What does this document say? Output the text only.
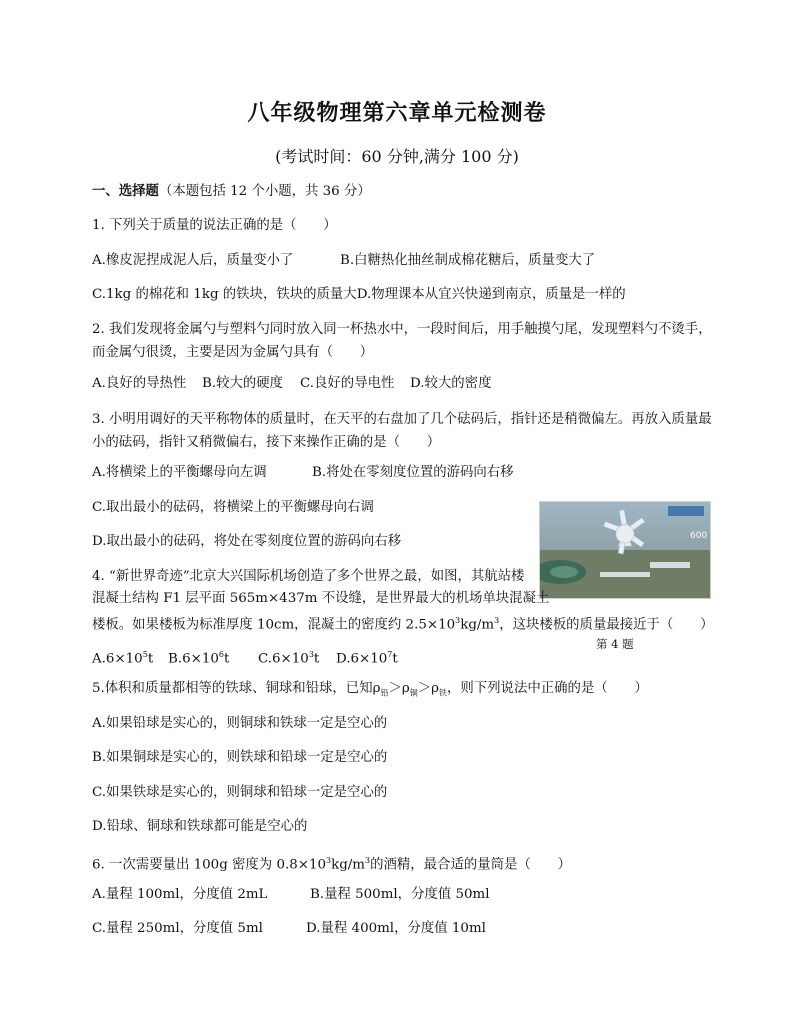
八年级物理第六章单元检测卷
(考试时间：60 分钟,满分 100 分)
一、选择题（本题包括 12 个小题，共 36 分）
1. 下列关于质量的说法正确的是（　　）
A.橡皮泥捏成泥人后，质量变小了	B.白糖热化抽丝制成棉花糖后，质量变大了
C.1kg 的棉花和 1kg 的铁块，铁块的质量大D.物理课本从宜兴快递到南京，质量是一样的
2. 我们发现将金属勺与塑料勺同时放入同一杯热水中，一段时间后，用手触摸勺尾，发现塑料勺不烫手，而金属勺很烫，主要是因为金属勺具有（　　）
A.良好的导热性 B.较大的硬度 C.良好的导电性 D.较大的密度
3. 小明用调好的天平称物体的质量时，在天平的右盘加了几个砝码后，指针还是稍微偏左。再放入质量最小的砝码，指针又稍微偏右，接下来操作正确的是（　　）
A.将横梁上的平衡螺母向左调	B.将处在零刻度位置的游码向右移
C.取出最小的砝码，将横梁上的平衡螺母向右调
D.取出最小的砝码，将处在零刻度位置的游码向右移	600
4. “新世界奇迹”北京大兴国际机场创造了多个世界之最，如图，其航站楼
混凝土结构 F1 层平面 565m×437m 不设缝，是世界最大的机场单块混凝土
楼板。如果楼板为标准厚度 10cm，混凝土的密度约 $2.5\times 10^3kg/m^3$，这块楼板的质量最接近于（　　）
$A.6\times 10^5t$ $B.6\times 10^6t$ $C.6\times 10^3t$ $D.6\times 10^7t$
第 4 题
5.体积和质量都相等的铁球、铜球和铅球，已知$\rho_铅>\rho_铜>\rho_铁$，则下列说法中正确的是（　　）
A.如果铅球是实心的，则铜球和铁球一定是空心的
B.如果铜球是实心的，则铁球和铅球一定是空心的
C.如果铁球是实心的，则铜球和铅球一定是空心的
D.铅球、铜球和铁球都可能是空心的
6. 一次需要量出 100g 密度为 $0.8\times 10^3kg/m^3$的酒精，最合适的量筒是（　　）
A.量程 100ml，分度值 2mL	B.量程 500ml，分度值 50ml
C.量程 250ml，分度值 5ml	D.量程 400ml，分度值 10ml
